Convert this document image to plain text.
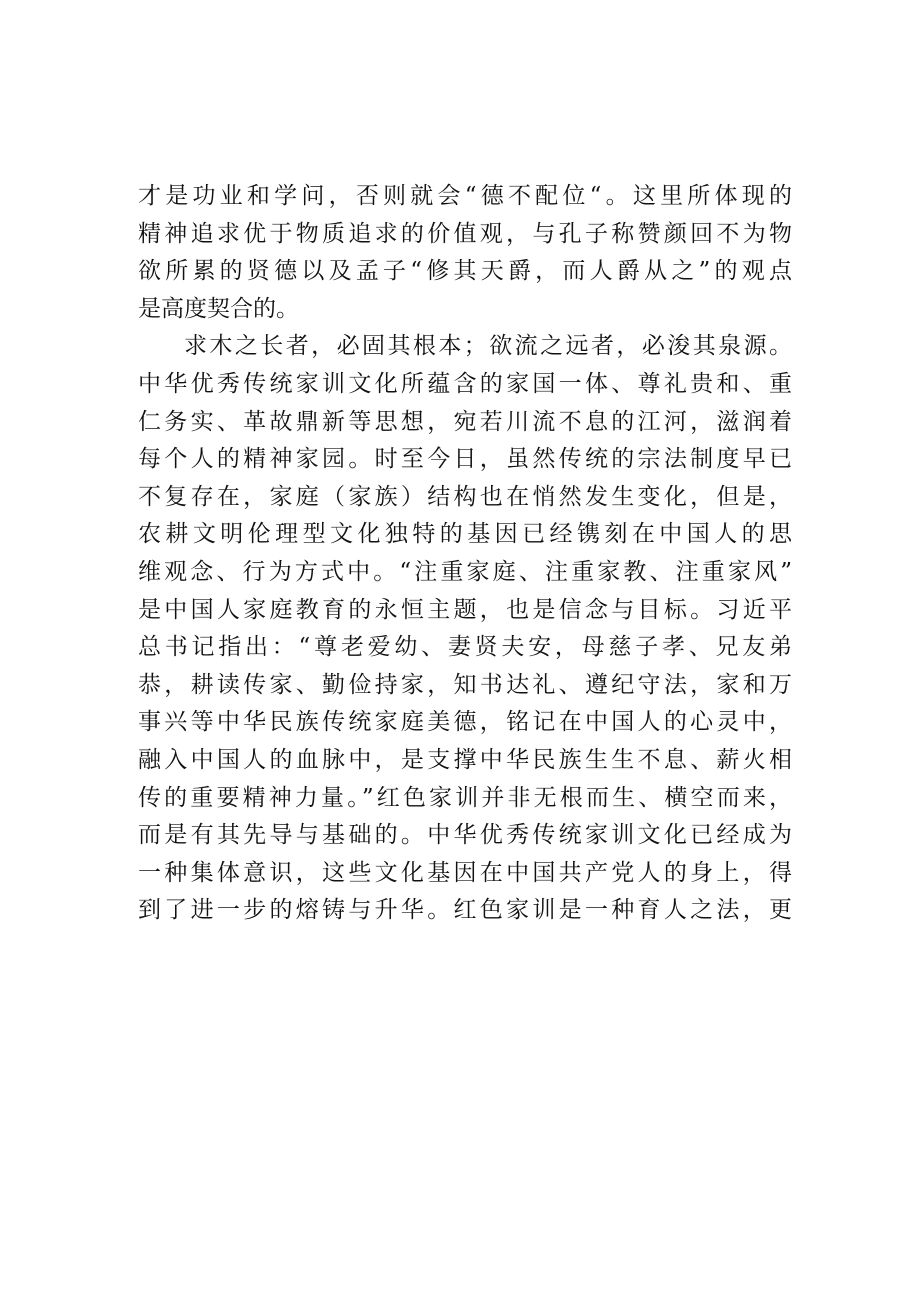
才是功业和学问，否则就会“德不配位“。这里所体现的
精神追求优于物质追求的价值观，与孔子称赞颜回不为物
欲所累的贤德以及孟子“修其天爵，而人爵从之”的观点
是高度契合的。
求木之长者，必固其根本；欲流之远者，必浚其泉源。
中华优秀传统家训文化所蕴含的家国一体、尊礼贵和、重
仁务实、革故鼎新等思想，宛若川流不息的江河，滋润着
每个人的精神家园。时至今日，虽然传统的宗法制度早已
不复存在，家庭（家族）结构也在悄然发生变化，但是，
农耕文明伦理型文化独特的基因已经镌刻在中国人的思
维观念、行为方式中。“注重家庭、注重家教、注重家风”
是中国人家庭教育的永恒主题，也是信念与目标。习近平
总书记指出：“尊老爱幼、妻贤夫安，母慈子孝、兄友弟
恭，耕读传家、勤俭持家，知书达礼、遵纪守法，家和万
事兴等中华民族传统家庭美德，铭记在中国人的心灵中，
融入中国人的血脉中，是支撑中华民族生生不息、薪火相
传的重要精神力量。”红色家训并非无根而生、横空而来，
而是有其先导与基础的。中华优秀传统家训文化已经成为
一种集体意识，这些文化基因在中国共产党人的身上，得
到了进一步的熔铸与升华。红色家训是一种育人之法，更
